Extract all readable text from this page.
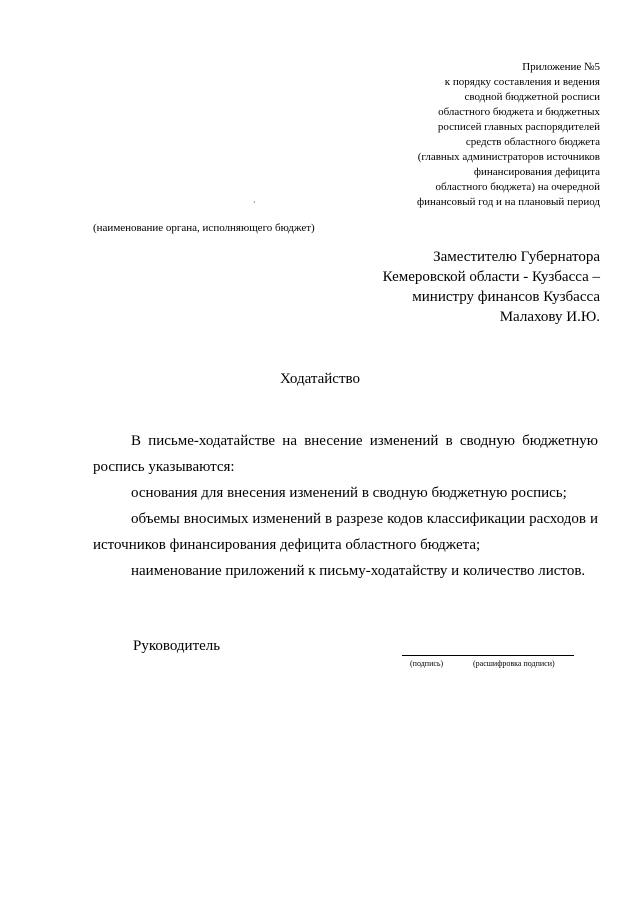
Приложение №5
к порядку составления и ведения
сводной бюджетной росписи
областного бюджета и бюджетных
росписей главных распорядителей
средств областного бюджета
(главных администраторов источников
финансирования дефицита
областного бюджета) на очередной
финансовый год и на плановый период
·
(наименование органа, исполняющего бюджет)
Заместителю Губернатора
Кемеровской области - Кузбасса –
министру финансов Кузбасса
Малахову И.Ю.
Ходатайство

В письме-ходатайстве на внесение изменений в сводную бюджетную роспись указываются:

основания для внесения изменений в сводную бюджетную роспись;

объемы вносимых изменений в разрезе кодов классификации расходов и источников финансирования дефицита областного бюджета;

наименование приложений к письму-ходатайству и количество листов.

Руководитель
(подпись)	(расшифровка подписи)
